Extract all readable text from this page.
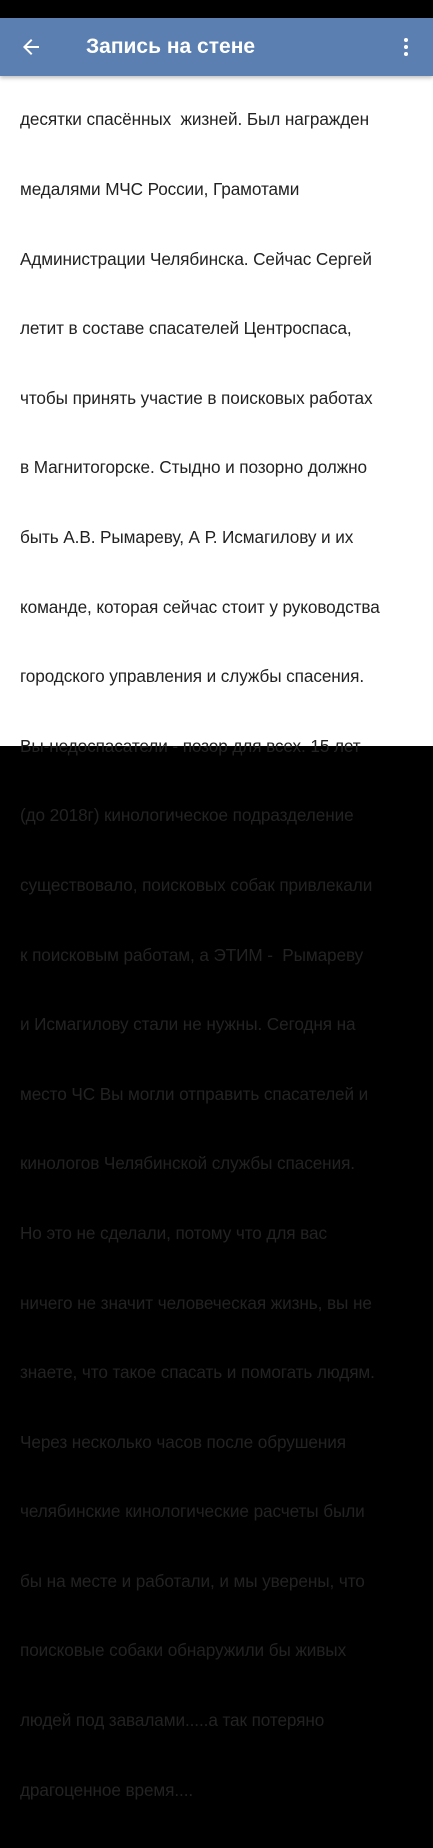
Запись на стене

десятки спасённых  жизней. Был награжден

медалями МЧС России, Грамотами

Администрации Челябинска. Сейчас Сергей

летит в составе спасателей Центроспаса,

чтобы принять участие в поисковых работах

в Магнитогорске. Стыдно и позорно должно

быть А.В. Рымареву, А Р. Исмагилову и их

команде, которая сейчас стоит у руководства

городского управления и службы спасения.

Вы-недоспасатели - позор для всех. 15 лет

(до 2018г) кинологическое подразделение

существовало, поисковых собак привлекали

к поисковым работам, а ЭТИМ -  Рымареву

и Исмагилову стали не нужны. Сегодня на

место ЧС Вы могли отправить спасателей и

кинологов Челябинской службы спасения.

Но это не сделали, потому что для вас

ничего не значит человеческая жизнь, вы не

знаете, что такое спасать и помогать людям.

Через несколько часов после обрушения

челябинские кинологические расчеты были

бы на месте и работали, и мы уверены, что

поисковые собаки обнаружили бы живых

людей под завалами.....а так потеряно

драгоценное время....
